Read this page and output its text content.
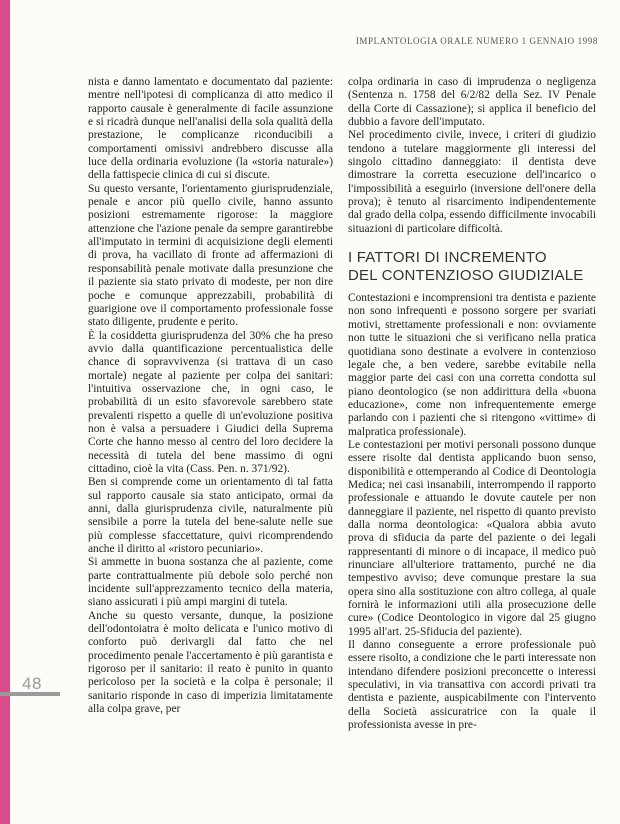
48
IMPLANTOLOGIA ORALE NUMERO 1 GENNAIO 1998

nista e danno lamentato e documentato dal paziente: mentre nell'ipotesi di complicanza di atto medico il rapporto causale è generalmente di facile assunzione e si ricadrà dunque nell'analisi della sola qualità della prestazione, le complicanze riconducibili a comportamenti omissivi andrebbero discusse alla luce della ordinaria evoluzione (la «storia naturale») della fattispecie clinica di cui si discute.

Su questo versante, l'orientamento giurisprudenziale, penale e ancor più quello civile, hanno assunto posizioni estremamente rigorose: la maggiore attenzione che l'azione penale da sempre garantirebbe all'imputato in termini di acquisizione degli elementi di prova, ha vacillato di fronte ad affermazioni di responsabilità penale motivate dalla presunzione che il paziente sia stato privato di modeste, per non dire poche e comunque apprezzabili, probabilità di guarigione ove il comportamento professionale fosse stato diligente, prudente e perito.

È la cosiddetta giurisprudenza del 30% che ha preso avvio dalla quantificazione percentualistica delle chance di sopravvivenza (si trattava di un caso mortale) negate al paziente per colpa dei sanitari: l'intuitiva osservazione che, in ogni caso, le probabilità di un esito sfavorevole sarebbero state prevalenti rispetto a quelle di un'evoluzione positiva non è valsa a persuadere i Giudici della Suprema Corte che hanno messo al centro del loro decidere la necessità di tutela del bene massimo di ogni cittadino, cioè la vita (Cass. Pen. n. 371/92).

Ben si comprende come un orientamento di tal fatta sul rapporto causale sia stato anticipato, ormai da anni, dalla giurisprudenza civile, naturalmente più sensibile a porre la tutela del bene-salute nelle sue più complesse sfaccettature, quivi ricomprendendo anche il diritto al «ristoro pecuniario».

Si ammette in buona sostanza che al paziente, come parte contrattualmente più debole solo perché non incidente sull'apprezzamento tecnico della materia, siano assicurati i più ampi margini di tutela.

Anche su questo versante, dunque, la posizione dell'odontoiatra è molto delicata e l'unico motivo di conforto può derivargli dal fatto che nel procedimento penale l'accertamento è più garantista e rigoroso per il sanitario: il reato è punito in quanto pericoloso per la società e la colpa è personale; il sanitario risponde in caso di imperizia limitatamente alla colpa grave, per

colpa ordinaria in caso di imprudenza o negligenza (Sentenza n. 1758 del 6/2/82 della Sez. IV Penale della Corte di Cassazione); si applica il beneficio del dubbio a favore dell'imputato.

Nel procedimento civile, invece, i criteri di giudizio tendono a tutelare maggiormente gli interessi del singolo cittadino danneggiato: il dentista deve dimostrare la corretta esecuzione dell'incarico o l'impossibilità a eseguirlo (inversione dell'onere della prova); è tenuto al risarcimento indipendentemente dal grado della colpa, essendo difficilmente invocabili situazioni di particolare difficoltà.

I FATTORI DI INCREMENTO
DEL CONTENZIOSO GIUDIZIALE

Contestazioni e incomprensioni tra dentista e paziente non sono infrequenti e possono sorgere per svariati motivi, strettamente professionali e non: ovviamente non tutte le situazioni che si verificano nella pratica quotidiana sono destinate a evolvere in contenzioso legale che, a ben vedere, sarebbe evitabile nella maggior parte dei casi con una corretta condotta sul piano deontologico (se non addirittura della «buona educazione», come non infrequentemente emerge parlando con i pazienti che si ritengono «vittime» di malpratica professionale).

Le contestazioni per motivi personali possono dunque essere risolte dal dentista applicando buon senso, disponibilità e ottemperando al Codice di Deontologia Medica; nei casi insanabili, interrompendo il rapporto professionale e attuando le dovute cautele per non danneggiare il paziente, nel rispetto di quanto previsto dalla norma deontologica: «Qualora abbia avuto prova di sfiducia da parte del paziente o dei legali rappresentanti di minore o di incapace, il medico può rinunciare all'ulteriore trattamento, purché ne dia tempestivo avviso; deve comunque prestare la sua opera sino alla sostituzione con altro collega, al quale fornirà le informazioni utili alla prosecuzione delle cure» (Codice Deontologico in vigore dal 25 giugno 1995 all'art. 25-Sfiducia del paziente).

Il danno conseguente a errore professionale può essere risolto, a condizione che le parti interessate non intendano difendere posizioni preconcette o interessi speculativi, in via transattiva con accordi privati tra dentista e paziente, auspicabilmente con l'intervento della Società assicuratrice con la quale il professionista avesse in pre-
